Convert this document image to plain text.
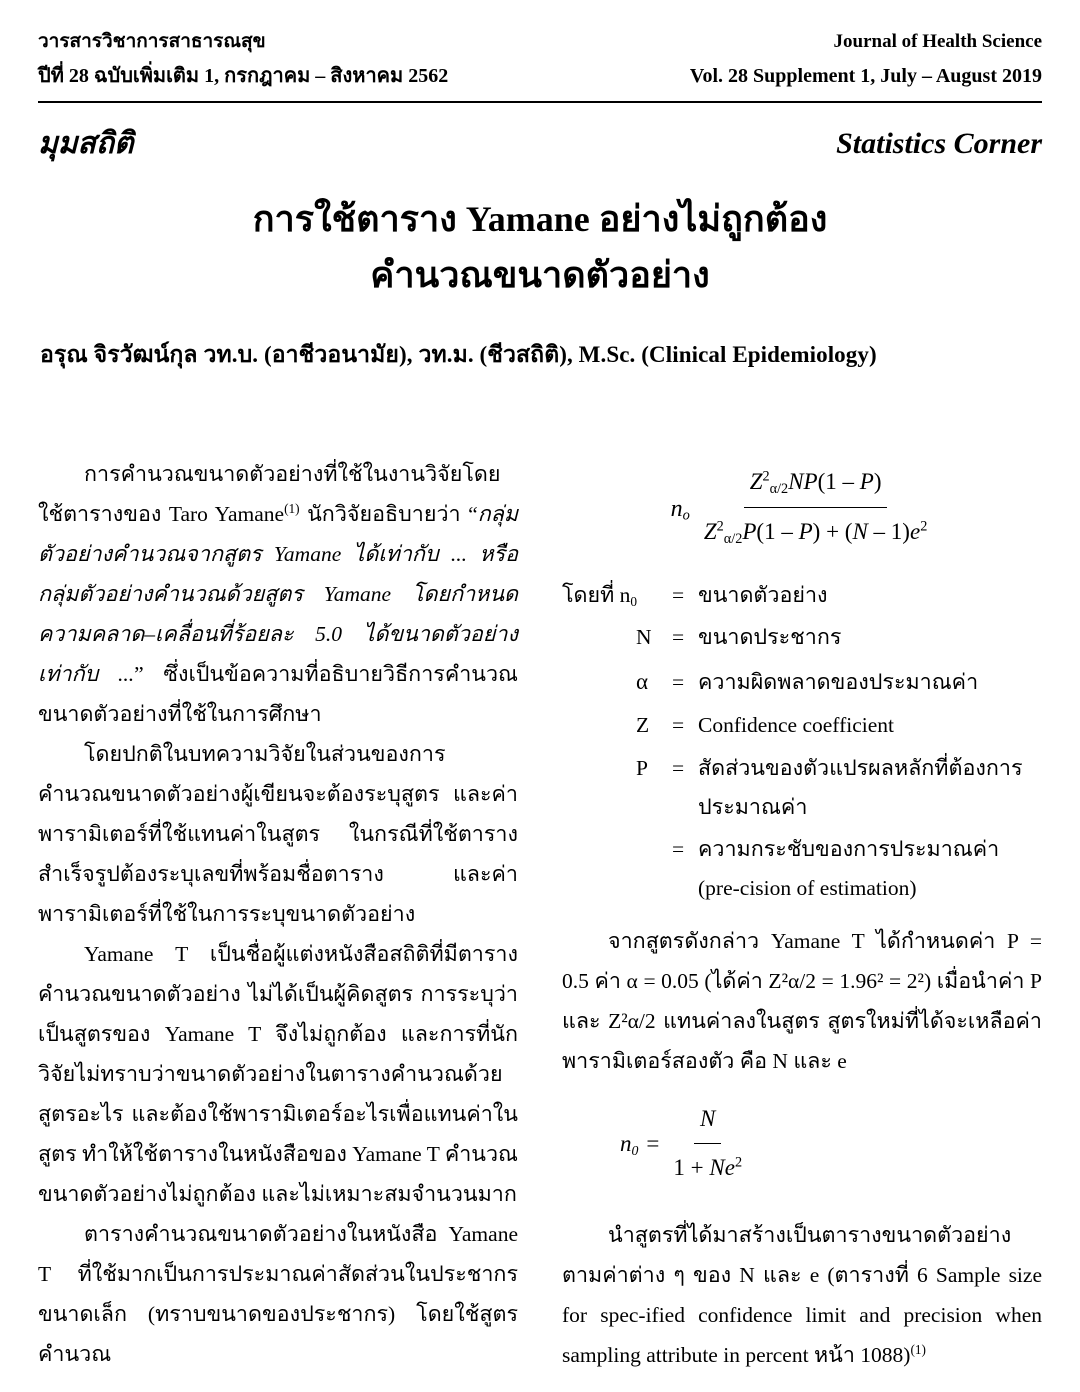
วารสารวิชาการสาธารณสุข	Journal of Health Science
ปีที่ 28 ฉบับเพิ่มเติม 1, กรกฎาคม – สิงหาคม 2562	Vol. 28 Supplement 1, July – August 2019
มุมสถิติ	Statistics Corner
การใช้ตาราง Yamane อย่างไม่ถูกต้อง
คำนวณขนาดตัวอย่าง
อรุณ จิรวัฒน์กุล วท.บ. (อาชีวอนามัย), วท.ม. (ชีวสถิติ), M.Sc. (Clinical Epidemiology)

การคำนวณขนาดตัวอย่างที่ใช้ในงานวิจัยโดยใช้ตารางของ Taro Yamane$^{(1)}$ นักวิจัยอธิบายว่า “กลุ่มตัวอย่างคำนวณจากสูตร Yamane ได้เท่ากับ ... หรือ กลุ่มตัวอย่างคำนวณด้วยสูตร Yamane โดยกำหนดความคลาด–เคลื่อนที่ร้อยละ 5.0 ได้ขนาดตัวอย่างเท่ากับ ...” ซึ่งเป็นข้อความที่อธิบายวิธีการคำนวณขนาดตัวอย่างที่ใช้ในการศึกษา

โดยปกติในบทความวิจัยในส่วนของการคำนวณขนาดตัวอย่างผู้เขียนจะต้องระบุสูตร และค่าพารามิเตอร์ที่ใช้แทนค่าในสูตร ในกรณีที่ใช้ตารางสำเร็จรูปต้องระบุเลขที่พร้อมชื่อตาราง และค่าพารามิเตอร์ที่ใช้ในการระบุขนาดตัวอย่าง

Yamane T เป็นชื่อผู้แต่งหนังสือสถิติที่มีตารางคำนวณขนาดตัวอย่าง ไม่ได้เป็นผู้คิดสูตร การระบุว่าเป็นสูตรของ Yamane T จึงไม่ถูกต้อง และการที่นักวิจัยไม่ทราบว่าขนาดตัวอย่างในตารางคำนวณด้วยสูตรอะไร และต้องใช้พารามิเตอร์อะไรเพื่อแทนค่าในสูตร ทำให้ใช้ตารางในหนังสือของ Yamane T คำนวณขนาดตัวอย่างไม่ถูกต้อง และไม่เหมาะสมจำนวนมาก

ตารางคำนวณขนาดตัวอย่างในหนังสือ Yamane T ที่ใช้มากเป็นการประมาณค่าสัดส่วนในประชากรขนาดเล็ก (ทราบขนาดของประชากร) โดยใช้สูตรคำนวณ

$n_o \frac{Z^2\alpha/2NP(1 - P)}{Z^2\alpha/2P(1 - P) + (N - 1)e^2}$
โดยที่ $n_0$	= ขนาดตัวอย่าง
N = ขนาดประชากร
α	= ความผิดพลาดของประมาณค่า
Z	= Confidence coefficient
P	= สัดส่วนของตัวแปรผลหลักที่ต้องการประมาณค่า
= ความกระชับของการประมาณค่า (pre-cision of estimation)

จากสูตรดังกล่าว Yamane T ได้กำหนดค่า P = 0.5 ค่า α = 0.05 (ได้ค่า Z²α/2 = 1.96² = 2²) เมื่อนำค่า P และ Z²α/2 แทนค่าลงในสูตร สูตรใหม่ที่ได้จะเหลือค่าพารามิเตอร์สองตัว คือ N และ e

$n_0 = \frac{N}{1 + Ne^2}$

นำสูตรที่ได้มาสร้างเป็นตารางขนาดตัวอย่างตามค่าต่าง ๆ ของ N และ e (ตารางที่ 6 Sample size for spec-ified confidence limit and precision when sampling attribute in percent หน้า 1088)$^{(1)}$
